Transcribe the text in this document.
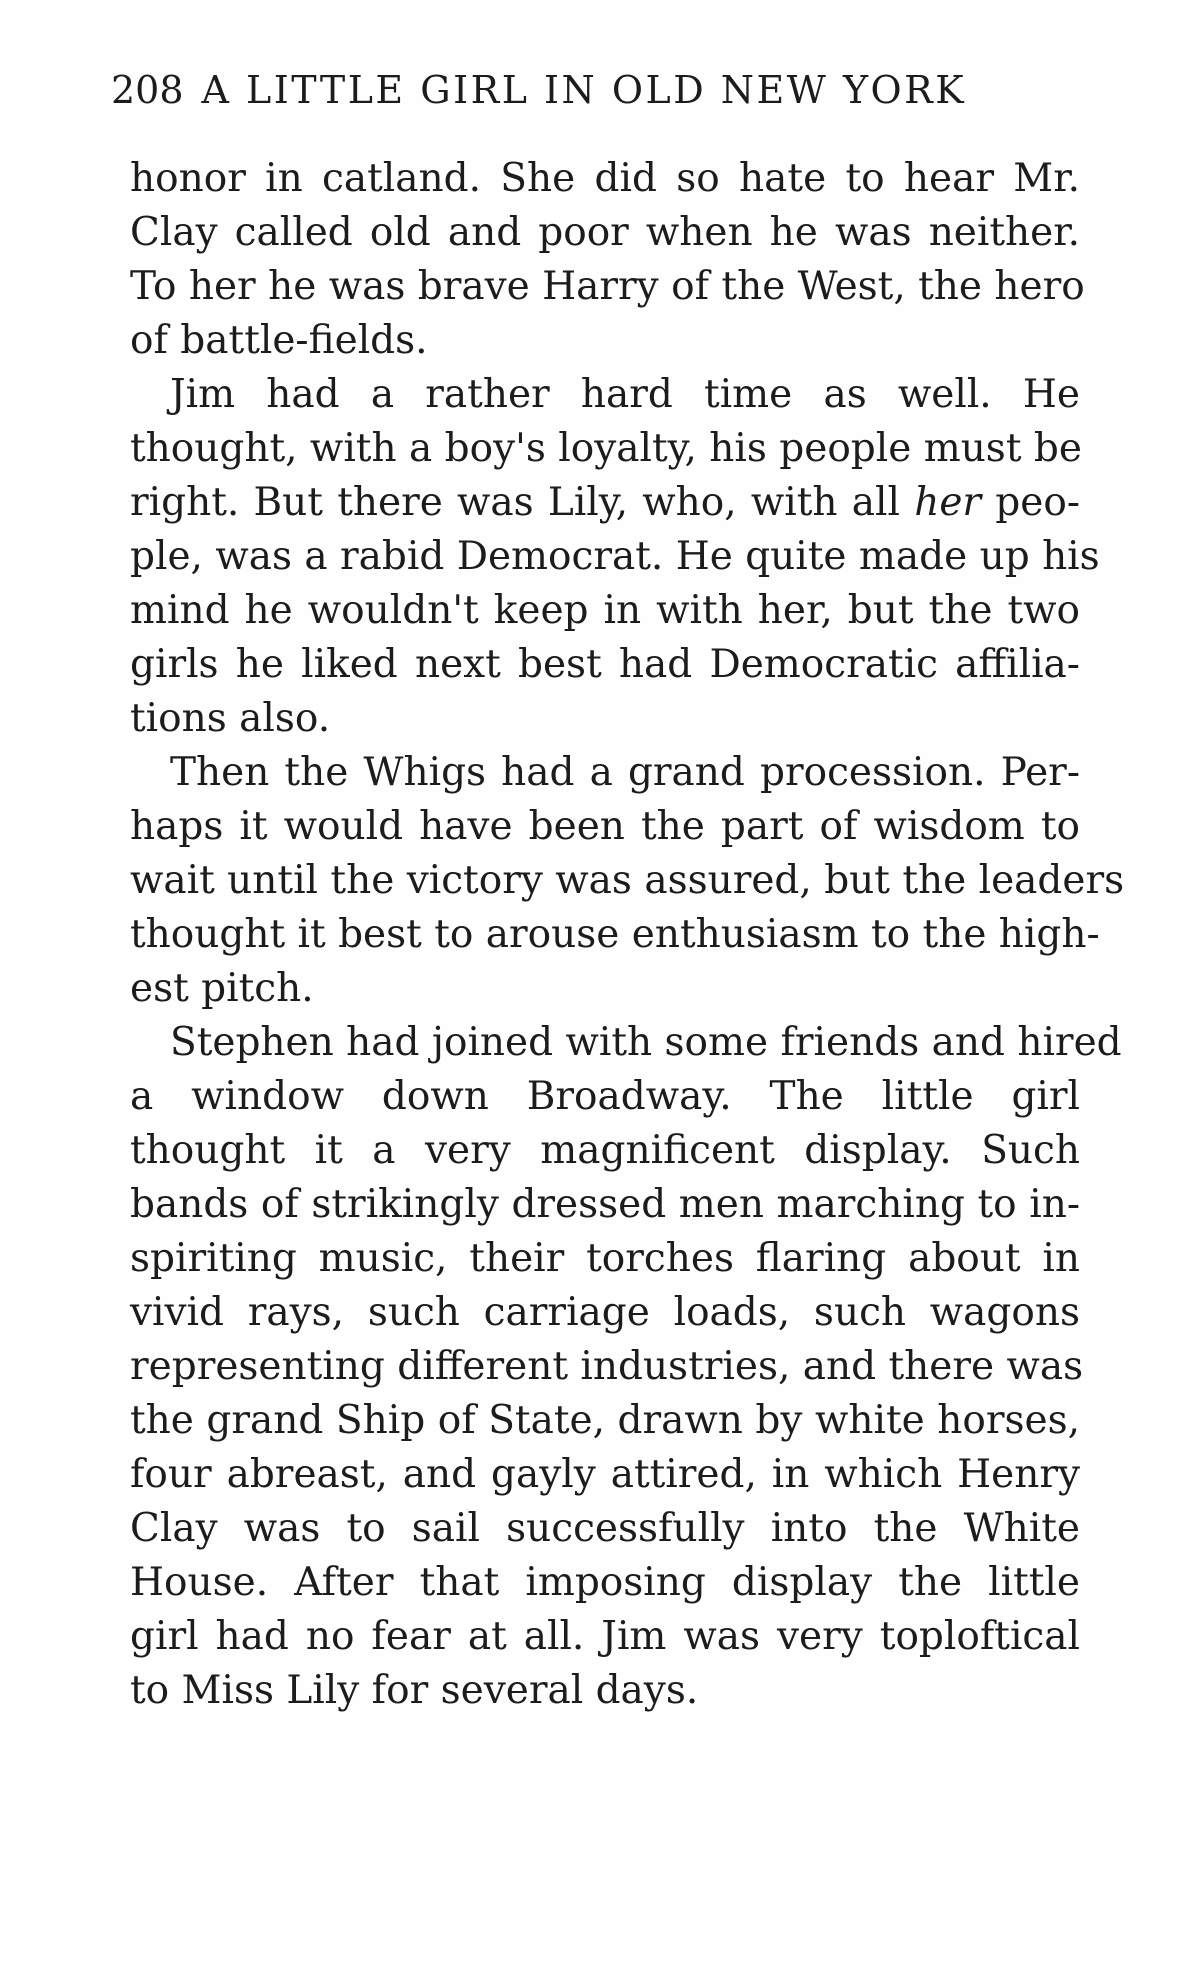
208 A LITTLE GIRL IN OLD NEW YORK
honor in catland. She did so hate to hear Mr.
Clay called old and poor when he was neither.
To her he was brave Harry of the West, the hero
of battle-fields.
Jim had a rather hard time as well. He
thought, with a boy's loyalty, his people must be
right. But there was Lily, who, with all her peo-
ple, was a rabid Democrat. He quite made up his
mind he wouldn't keep in with her, but the two
girls he liked next best had Democratic affilia-
tions also.
Then the Whigs had a grand procession. Per-
haps it would have been the part of wisdom to
wait until the victory was assured, but the leaders
thought it best to arouse enthusiasm to the high-
est pitch.
Stephen had joined with some friends and hired
a window down Broadway. The little girl
thought it a very magnificent display. Such
bands of strikingly dressed men marching to in-
spiriting music, their torches flaring about in
vivid rays, such carriage loads, such wagons
representing different industries, and there was
the grand Ship of State, drawn by white horses,
four abreast, and gayly attired, in which Henry
Clay was to sail successfully into the White
House. After that imposing display the little
girl had no fear at all. Jim was very toploftical
to Miss Lily for several days.
